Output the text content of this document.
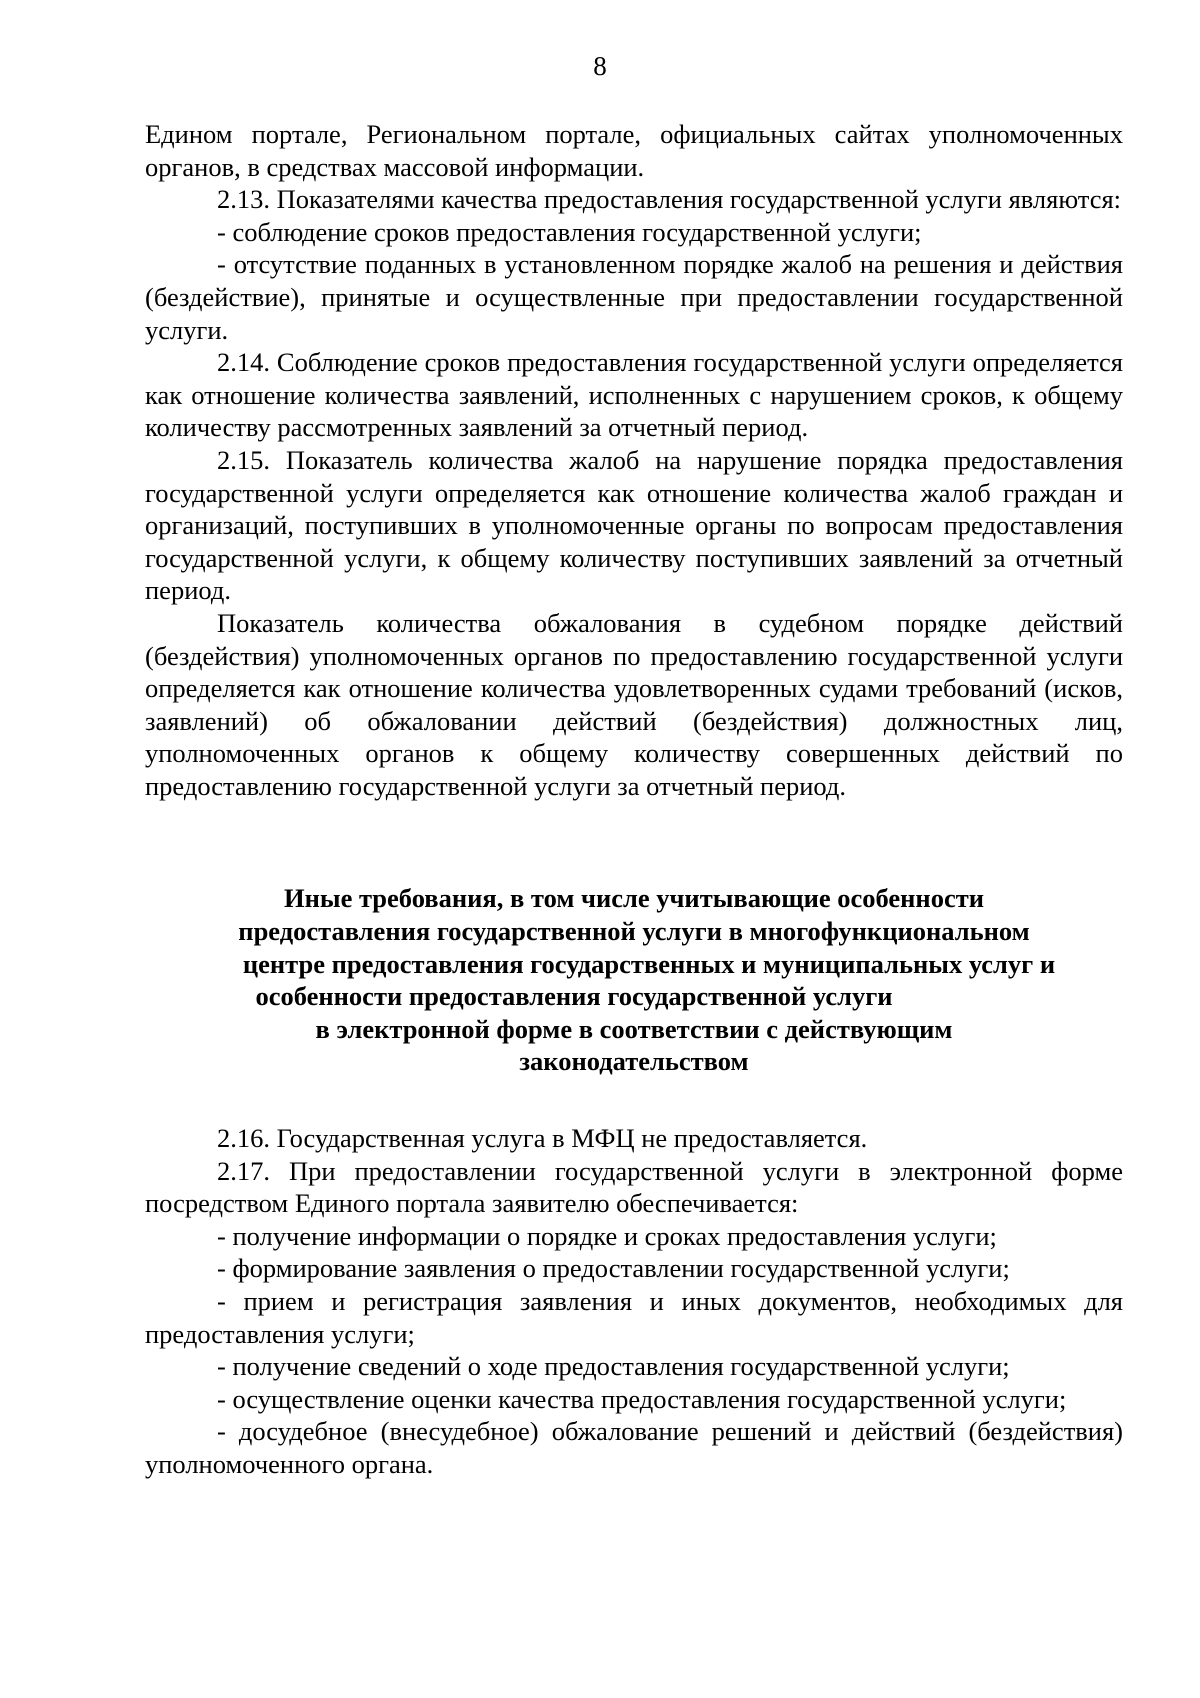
8

Едином портале, Региональном портале, официальных сайтах уполномоченных органов, в средствах массовой информации.

2.13. Показателями качества предоставления государственной услуги являются:

- соблюдение сроков предоставления государственной услуги;

- отсутствие поданных в установленном порядке жалоб на решения и действия (бездействие), принятые и осуществленные при предоставлении государственной услуги.

2.14. Соблюдение сроков предоставления государственной услуги определяется как отношение количества заявлений, исполненных с нарушением сроков, к общему количеству рассмотренных заявлений за отчетный период.

2.15. Показатель количества жалоб на нарушение порядка предоставления государственной услуги определяется как отношение количества жалоб граждан и организаций, поступивших в уполномоченные органы по вопросам предоставления государственной услуги, к общему количеству поступивших заявлений за отчетный период.

Показатель количества обжалования в судебном порядке действий (бездействия) уполномоченных органов по предоставлению государственной услуги определяется как отношение количества удовлетворенных судами требований (исков, заявлений) об обжаловании действий (бездействия) должностных лиц, уполномоченных органов к общему количеству совершенных действий по предоставлению государственной услуги за отчетный период.

Иные требования, в том числе учитывающие особенности
предоставления государственной услуги в многофункциональном
центре предоставления государственных и муниципальных услуг и
особенности предоставления государственной услуги
в электронной форме в соответствии с действующим
законодательством

2.16. Государственная услуга в МФЦ не предоставляется.

2.17. При предоставлении государственной услуги в электронной форме посредством Единого портала заявителю обеспечивается:

- получение информации о порядке и сроках предоставления услуги;

- формирование заявления о предоставлении государственной услуги;

- прием и регистрация заявления и иных документов, необходимых для предоставления услуги;

- получение сведений о ходе предоставления государственной услуги;

- осуществление оценки качества предоставления государственной услуги;

- досудебное (внесудебное) обжалование решений и действий (бездействия) уполномоченного органа.
